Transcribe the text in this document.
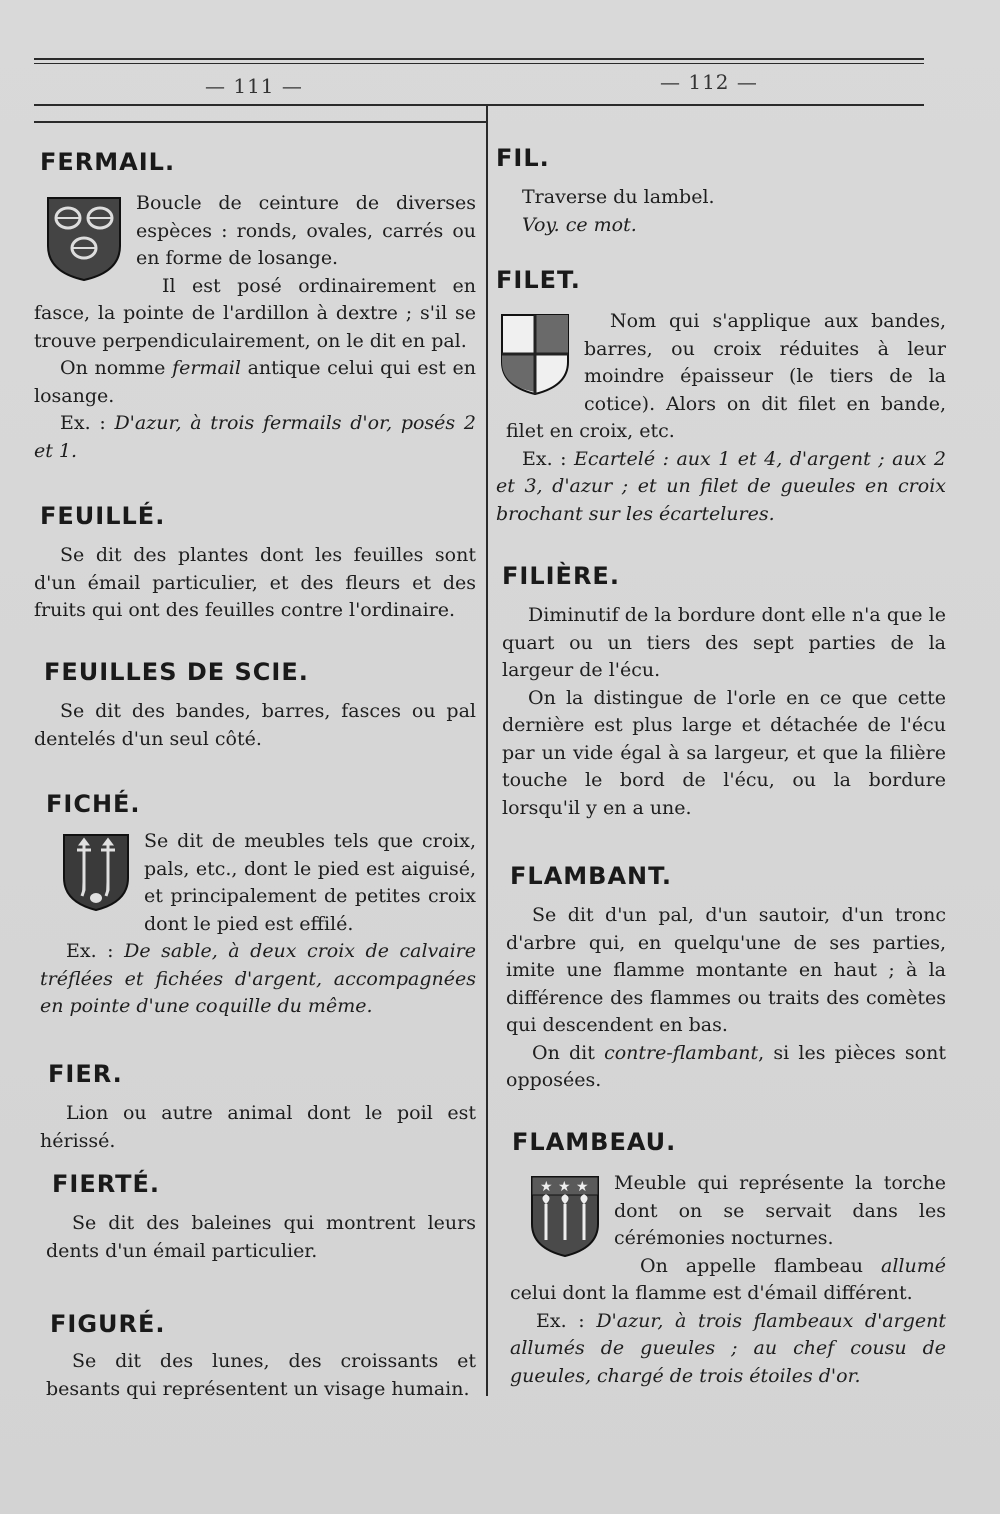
— 111 —	— 112 —
FERMAIL.

Boucle de ceinture de diverses espèces : ronds, ovales, carrés ou en forme de losange.

Il est posé ordinairement en fasce, la pointe de l'ardillon à dextre ; s'il se trouve perpendiculairement, on le dit en pal.

On nomme fermail antique celui qui est en losange.

Ex. : D'azur, à trois fermails d'or, posés 2 et 1.

FEUILLÉ.

Se dit des plantes dont les feuilles sont d'un émail particulier, et des fleurs et des fruits qui ont des feuilles contre l'ordinaire.

FEUILLES DE SCIE.

Se dit des bandes, barres, fasces ou pal dentelés d'un seul côté.

FICHÉ.

Se dit de meubles tels que croix, pals, etc., dont le pied est aiguisé, et principalement de petites croix dont le pied est effilé.

Ex. : De sable, à deux croix de calvaire tréflées et fichées d'argent, accompagnées en pointe d'une coquille du même.

FIER.

Lion ou autre animal dont le poil est hérissé.

FIERTÉ.

Se dit des baleines qui montrent leurs dents d'un émail particulier.

FIGURÉ.

Se dit des lunes, des croissants et besants qui représentent un visage humain.

FIL.

Traverse du lambel.

Voy. ce mot.

FILET.

Nom qui s'applique aux bandes, barres, ou croix réduites à leur moindre épaisseur (le tiers de la cotice). Alors on dit filet en bande, filet en croix, etc.

Ex. : Ecartelé : aux 1 et 4, d'argent ; aux 2 et 3, d'azur ; et un filet de gueules en croix brochant sur les écartelures.

FILIÈRE.

Diminutif de la bordure dont elle n'a que le quart ou un tiers des sept parties de la largeur de l'écu.

On la distingue de l'orle en ce que cette dernière est plus large et détachée de l'écu par un vide égal à sa largeur, et que la filière touche le bord de l'écu, ou la bordure lorsqu'il y en a une.

FLAMBANT.

Se dit d'un pal, d'un sautoir, d'un tronc d'arbre qui, en quelqu'une de ses parties, imite une flamme montante en haut ; à la différence des flammes ou traits des comètes qui descendent en bas.

On dit contre-flambant, si les pièces sont opposées.

FLAMBEAU.
★ ★ ★	Meuble qui représente la torche dont on se servait dans les cérémonies nocturnes.

On appelle flambeau allumé celui dont la flamme est d'émail différent.

Ex. : D'azur, à trois flambeaux d'argent allumés de gueules ; au chef cousu de gueules, chargé de trois étoiles d'or.
